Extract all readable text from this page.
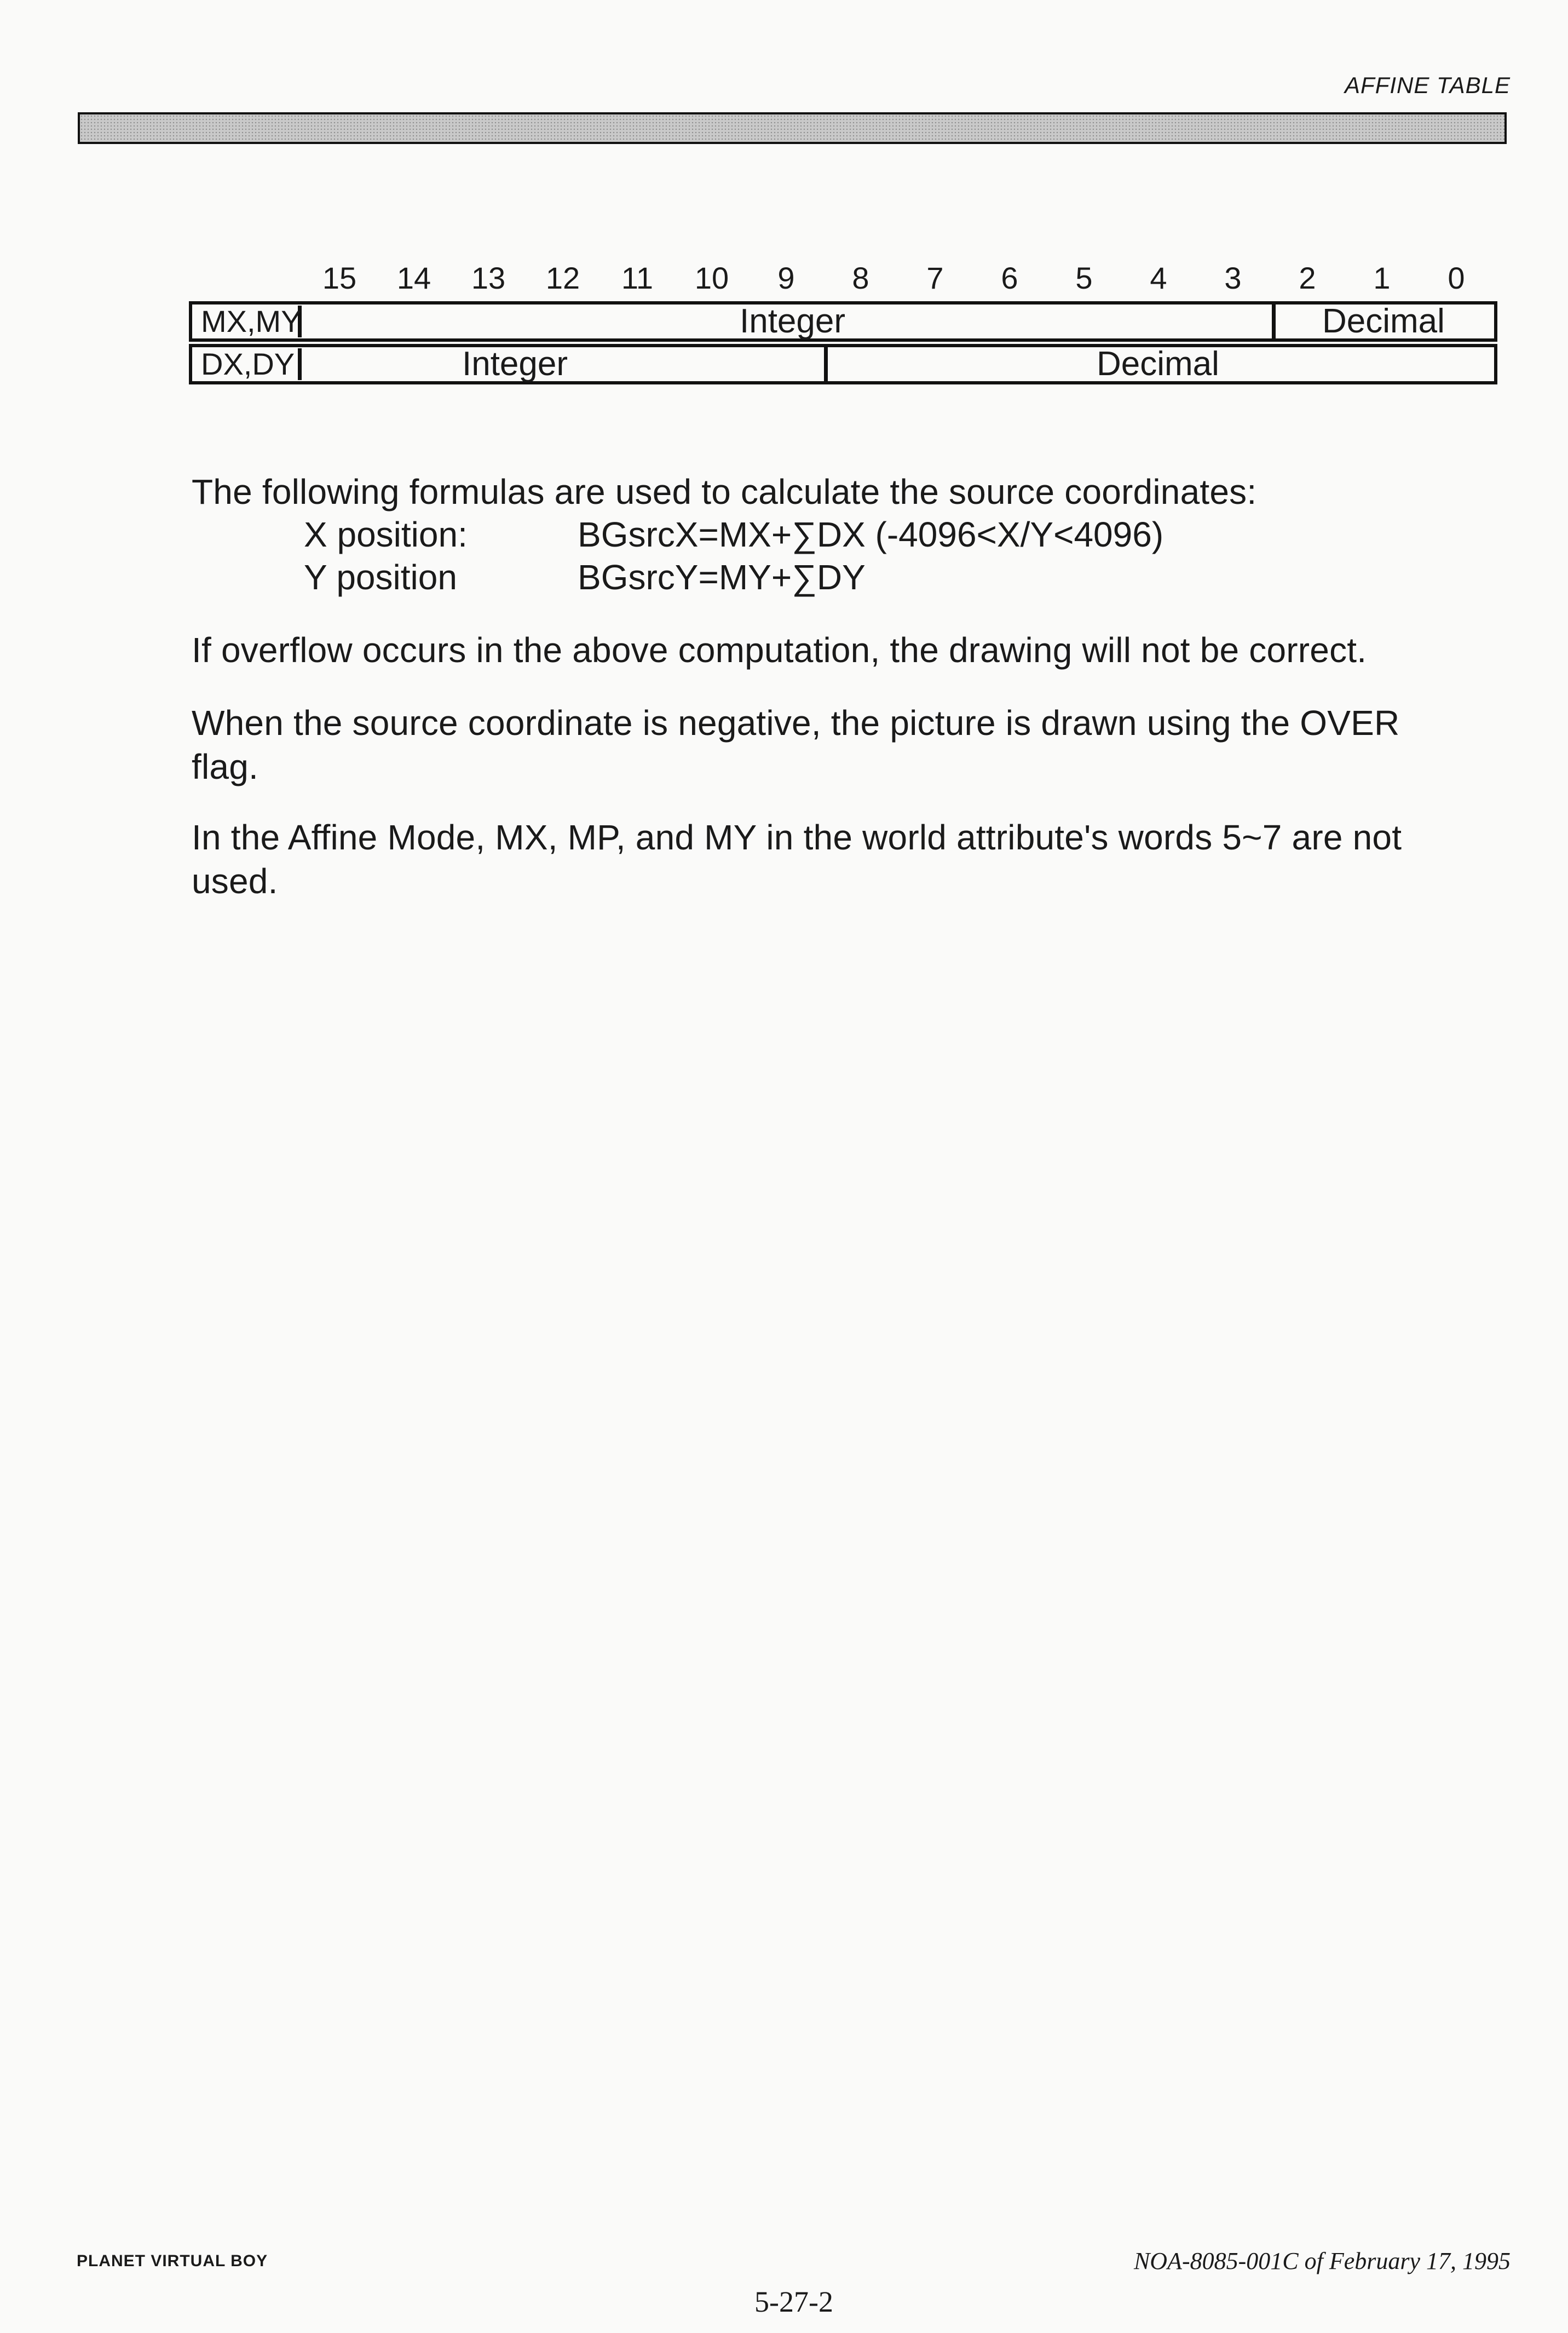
AFFINE TABLE
15 14 13 12 11 10	9	8	7	6	5	4	3	2	1	0
MX,MY	Integer	Decimal
DX,DY	Integer	Decimal
The following formulas are used to calculate the source coordinates:
X position:	BGsrcX=MX+∑DX (-4096<X/Y<4096)
Y position	BGsrcY=MY+∑DY
If overflow occurs in the above computation, the drawing will not be correct.
When the source coordinate is negative, the picture is drawn using the OVER flag.
In the Affine Mode, MX, MP, and MY in the world attribute's words 5~7 are not used.
PLANET VIRTUAL BOY	NOA-8085-001C of February 17, 1995
5-27-2
